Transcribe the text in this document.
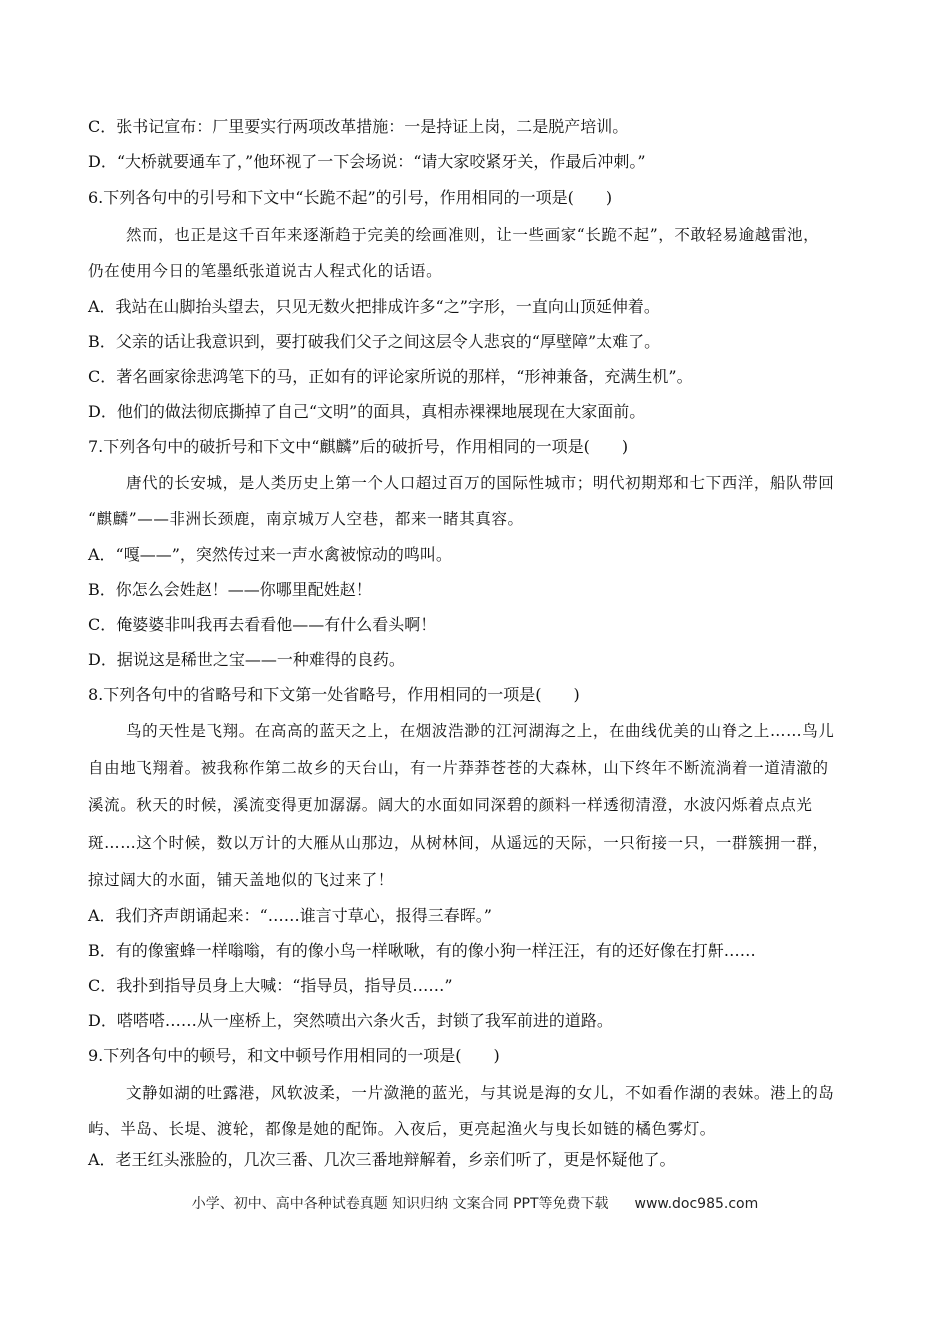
C．张书记宣布：厂里要实行两项改革措施：一是持证上岗，二是脱产培训。
D．“大桥就要通车了，”他环视了一下会场说：“请大家咬紧牙关，作最后冲刺。”
6.下列各句中的引号和下文中“长跪不起”的引号，作用相同的一项是(　　)
然而，也正是这千百年来逐渐趋于完美的绘画准则，让一些画家“长跪不起”，不敢轻易逾越雷池，
仍在使用今日的笔墨纸张道说古人程式化的话语。
A．我站在山脚抬头望去，只见无数火把排成许多“之”字形，一直向山顶延伸着。
B．父亲的话让我意识到，要打破我们父子之间这层令人悲哀的“厚壁障”太难了。
C．著名画家徐悲鸿笔下的马，正如有的评论家所说的那样，“形神兼备，充满生机”。
D．他们的做法彻底撕掉了自己“文明”的面具，真相赤裸裸地展现在大家面前。
7.下列各句中的破折号和下文中“麒麟”后的破折号，作用相同的一项是(　　)
唐代的长安城，是人类历史上第一个人口超过百万的国际性城市；明代初期郑和七下西洋，船队带回
“麒麟”——非洲长颈鹿，南京城万人空巷，都来一睹其真容。
A．“嘎——”，突然传过来一声水禽被惊动的鸣叫。
B．你怎么会姓赵！——你哪里配姓赵！
C．俺婆婆非叫我再去看看他——有什么看头啊！
D．据说这是稀世之宝——一种难得的良药。
8.下列各句中的省略号和下文第一处省略号，作用相同的一项是(　　)
鸟的天性是飞翔。在高高的蓝天之上，在烟波浩渺的江河湖海之上，在曲线优美的山脊之上……鸟儿
自由地飞翔着。被我称作第二故乡的天台山，有一片莽莽苍苍的大森林，山下终年不断流淌着一道清澈的
溪流。秋天的时候，溪流变得更加潺潺。阔大的水面如同深碧的颜料一样透彻清澄，水波闪烁着点点光
斑……这个时候，数以万计的大雁从山那边，从树林间，从遥远的天际，一只衔接一只，一群簇拥一群，
掠过阔大的水面，铺天盖地似的飞过来了！
A．我们齐声朗诵起来：“……谁言寸草心，报得三春晖。”
B．有的像蜜蜂一样嗡嗡，有的像小鸟一样啾啾，有的像小狗一样汪汪，有的还好像在打鼾……
C．我扑到指导员身上大喊：“指导员，指导员……”
D．嗒嗒嗒……从一座桥上，突然喷出六条火舌，封锁了我军前进的道路。
9.下列各句中的顿号，和文中顿号作用相同的一项是(　　)
文静如湖的吐露港，风软波柔，一片潋滟的蓝光，与其说是海的女儿，不如看作湖的表妹。港上的岛
屿、半岛、长堤、渡轮，都像是她的配饰。入夜后，更亮起渔火与曳长如链的橘色雾灯。
A．老王红头涨脸的，几次三番、几次三番地辩解着，乡亲们听了，更是怀疑他了。
小学、初中、高中各种试卷真题 知识归纳 文案合同 PPT等免费下载 www.doc985.com
